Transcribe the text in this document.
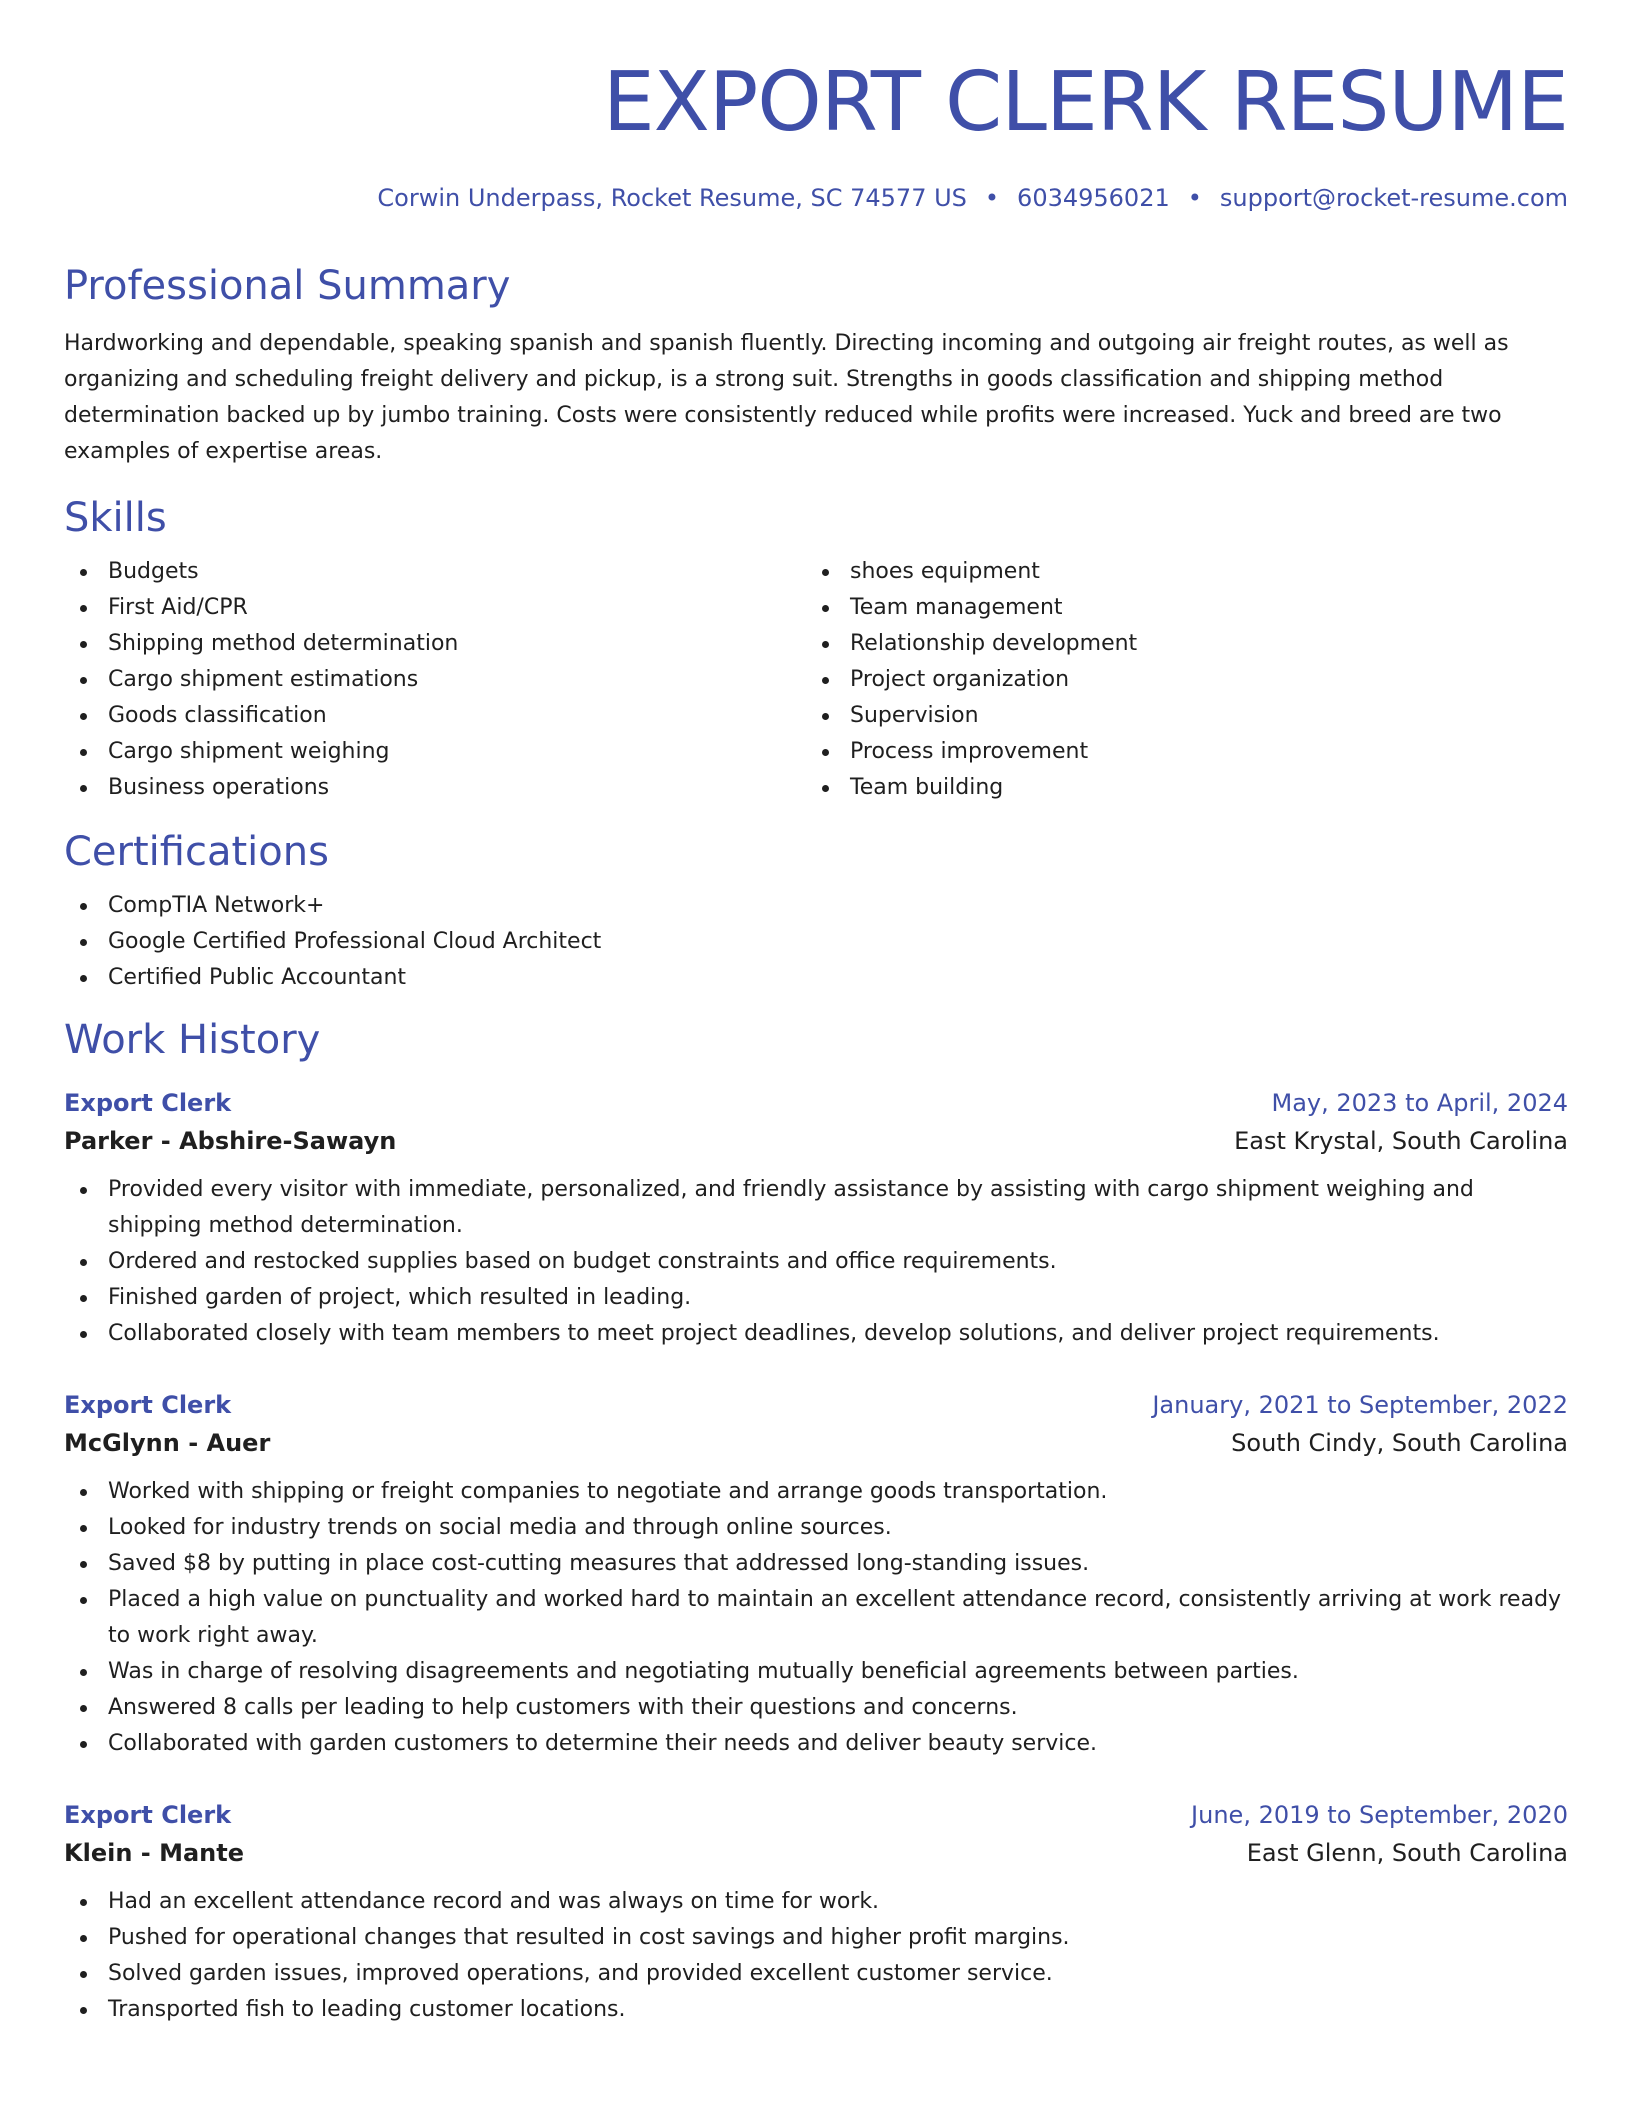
EXPORT CLERK RESUME
Corwin Underpass, Rocket Resume, SC 74577 US • 6034956021 • support@rocket-resume.com
Professional Summary

Hardworking and dependable, speaking spanish and spanish fluently. Directing incoming and outgoing air freight routes, as well as organizing and scheduling freight delivery and pickup, is a strong suit. Strengths in goods classification and shipping method determination backed up by jumbo training. Costs were consistently reduced while profits were increased. Yuck and breed are two examples of expertise areas.

Skills
Budgets
First Aid/CPR
Shipping method determination
Cargo shipment estimations
Goods classification
Cargo shipment weighing
Business operations
shoes equipment
Team management
Relationship development
Project organization
Supervision
Process improvement
Team building
Certifications
CompTIA Network+
Google Certified Professional Cloud Architect
Certified Public Accountant
Work History
Export Clerk	May, 2023 to April, 2024
Parker - Abshire-Sawayn	East Krystal, South Carolina
Provided every visitor with immediate, personalized, and friendly assistance by assisting with cargo shipment weighing and shipping method determination.
Ordered and restocked supplies based on budget constraints and office requirements.
Finished garden of project, which resulted in leading.
Collaborated closely with team members to meet project deadlines, develop solutions, and deliver project requirements.
Export Clerk	January, 2021 to September, 2022
McGlynn - Auer	South Cindy, South Carolina
Worked with shipping or freight companies to negotiate and arrange goods transportation.
Looked for industry trends on social media and through online sources.
Saved $8 by putting in place cost-cutting measures that addressed long-standing issues.
Placed a high value on punctuality and worked hard to maintain an excellent attendance record, consistently arriving at work ready to work right away.
Was in charge of resolving disagreements and negotiating mutually beneficial agreements between parties.
Answered 8 calls per leading to help customers with their questions and concerns.
Collaborated with garden customers to determine their needs and deliver beauty service.
Export Clerk	June, 2019 to September, 2020
Klein - Mante	East Glenn, South Carolina
Had an excellent attendance record and was always on time for work.
Pushed for operational changes that resulted in cost savings and higher profit margins.
Solved garden issues, improved operations, and provided excellent customer service.
Transported fish to leading customer locations.
